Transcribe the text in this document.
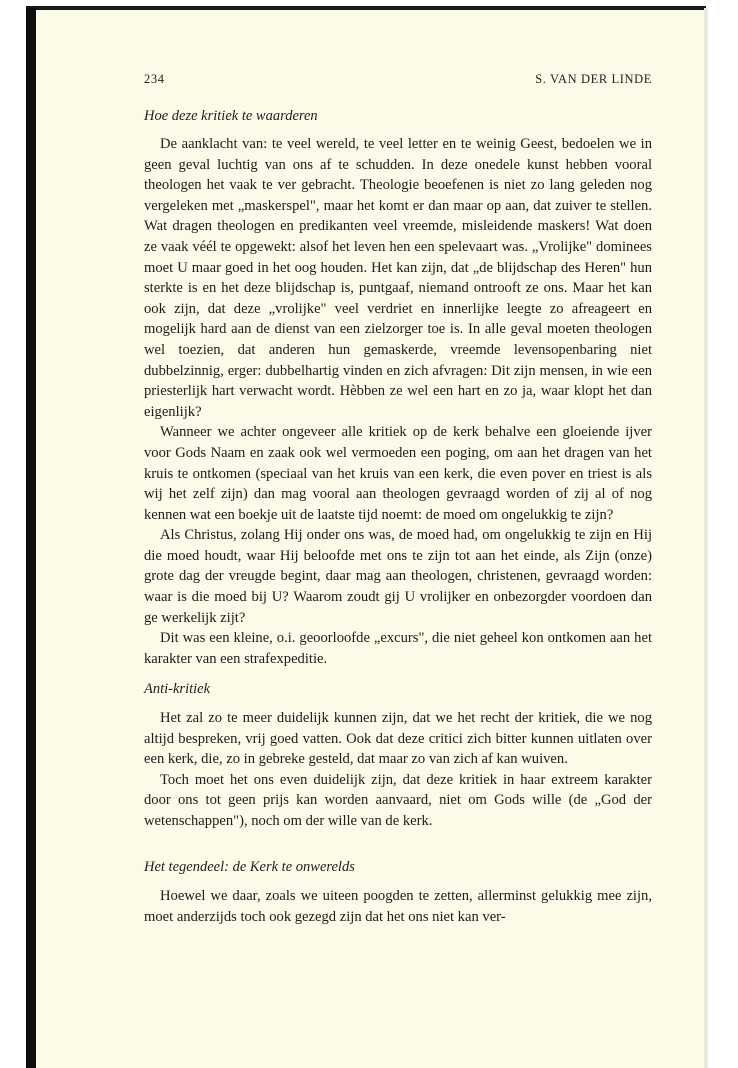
234	S. VAN DER LINDE
Hoe deze kritiek te waarderen

De aanklacht van: te veel wereld, te veel letter en te weinig Geest, bedoelen we in geen geval luchtig van ons af te schudden. In deze onedele kunst hebben vooral theologen het vaak te ver gebracht. Theologie beoefenen is niet zo lang geleden nog vergeleken met „maskerspel", maar het komt er dan maar op aan, dat zuiver te stellen. Wat dragen theologen en predikanten veel vreemde, misleidende maskers! Wat doen ze vaak véél te opgewekt: alsof het leven hen een spelevaart was. „Vrolijke" dominees moet U maar goed in het oog houden. Het kan zijn, dat „de blijdschap des Heren" hun sterkte is en het deze blijdschap is, puntgaaf, niemand ontrooft ze ons. Maar het kan ook zijn, dat deze „vrolijke" veel verdriet en innerlijke leegte zo afreageert en mogelijk hard aan de dienst van een zielzorger toe is. In alle geval moeten theologen wel toezien, dat anderen hun gemaskerde, vreemde levensopenbaring niet dubbelzinnig, erger: dubbelhartig vinden en zich afvragen: Dit zijn mensen, in wie een priesterlijk hart verwacht wordt. Hèbben ze wel een hart en zo ja, waar klopt het dan eigenlijk?

Wanneer we achter ongeveer alle kritiek op de kerk behalve een gloeiende ijver voor Gods Naam en zaak ook wel vermoeden een poging, om aan het dragen van het kruis te ontkomen (speciaal van het kruis van een kerk, die even pover en triest is als wij het zelf zijn) dan mag vooral aan theologen gevraagd worden of zij al of nog kennen wat een boekje uit de laatste tijd noemt: de moed om ongelukkig te zijn?

Als Christus, zolang Hij onder ons was, de moed had, om ongelukkig te zijn en Hij die moed houdt, waar Hij beloofde met ons te zijn tot aan het einde, als Zijn (onze) grote dag der vreugde begint, daar mag aan theologen, christenen, gevraagd worden: waar is die moed bij U? Waarom zoudt gij U vrolijker en onbezorgder voordoen dan ge werkelijk zijt?

Dit was een kleine, o.i. geoorloofde „excurs", die niet geheel kon ontkomen aan het karakter van een strafexpeditie.

Anti-kritiek

Het zal zo te meer duidelijk kunnen zijn, dat we het recht der kritiek, die we nog altijd bespreken, vrij goed vatten. Ook dat deze critici zich bitter kunnen uitlaten over een kerk, die, zo in gebreke gesteld, dat maar zo van zich af kan wuiven.

Toch moet het ons even duidelijk zijn, dat deze kritiek in haar extreem karakter door ons tot geen prijs kan worden aanvaard, niet om Gods wille (de „God der wetenschappen"), noch om der wille van de kerk.

Het tegendeel: de Kerk te onwerelds

Hoewel we daar, zoals we uiteen poogden te zetten, allerminst gelukkig mee zijn, moet anderzijds toch ook gezegd zijn dat het ons niet kan ver-
